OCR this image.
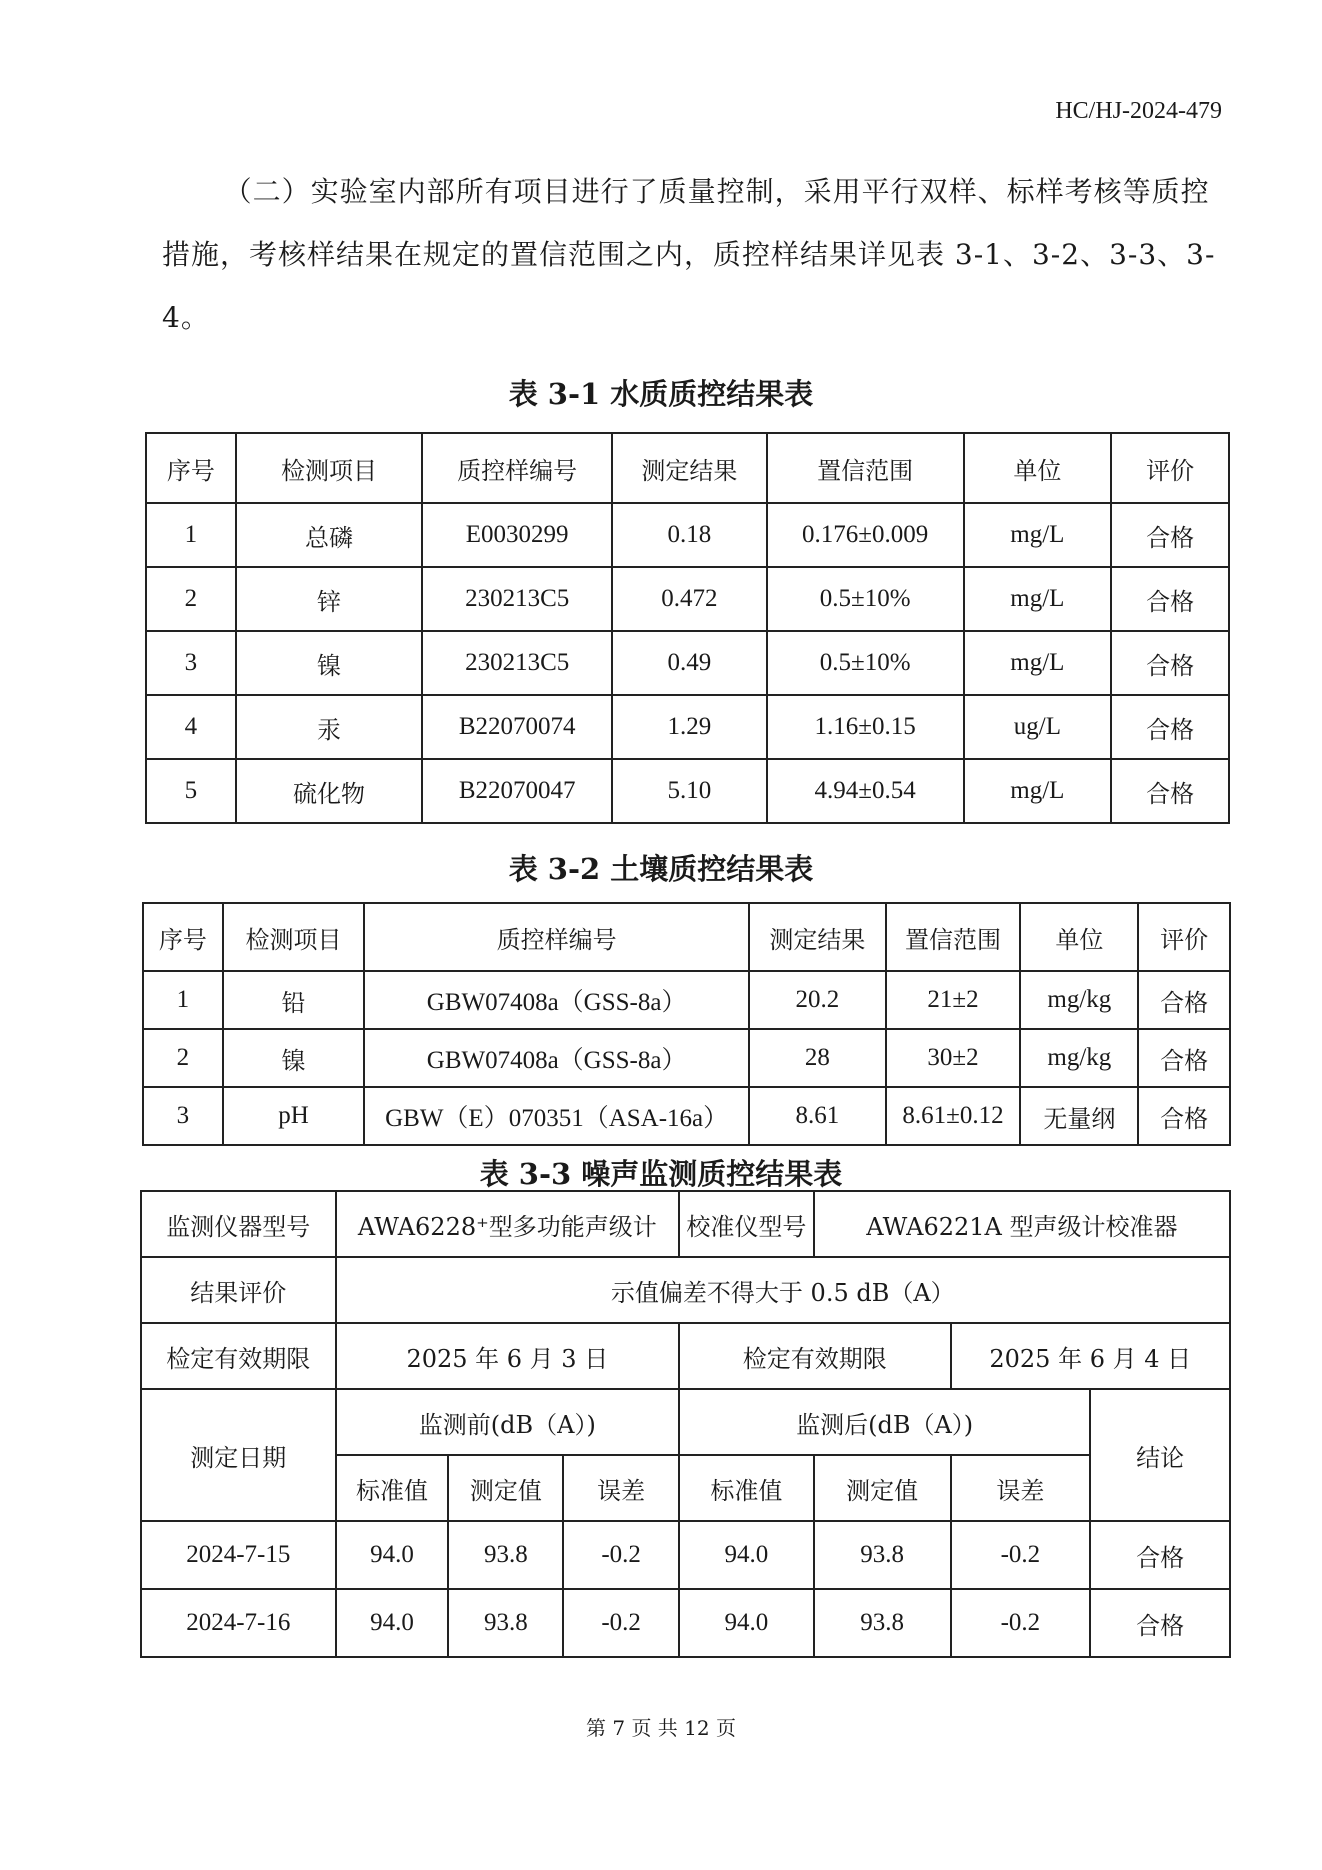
HC/HJ-2024-479

（二）实验室内部所有项目进行了质量控制，采用平行双样、标样考核等质控措施，考核样结果在规定的置信范围之内，质控样结果详见表 3-1、3-2、3-3、3-4。

表 3-1 水质质控结果表
序号	检测项目	质控样编号	测定结果	置信范围	单位	评价
1	总磷	E0030299	0.18	0.176±0.009	mg/L	合格
2	锌	230213C5	0.472	0.5±10%	mg/L	合格
3	镍	230213C5	0.49	0.5±10%	mg/L	合格
4	汞	B22070074	1.29	1.16±0.15	ug/L	合格
5	硫化物	B22070047	5.10	4.94±0.54	mg/L	合格
表 3-2 土壤质控结果表
序号	检测项目	质控样编号	测定结果	置信范围	单位	评价
1	铅	GBW07408a（GSS-8a）	20.2	21±2	mg/kg	合格
2	镍	GBW07408a（GSS-8a）	28	30±2	mg/kg	合格
3	pH	GBW（E）070351（ASA-16a）	8.61	8.61±0.12	无量纲	合格
表 3-3 噪声监测质控结果表
监测仪器型号	AWA6228⁺型多功能声级计			校准仪型号	AWA6221A 型声级计校准器		
结果评价	示值偏差不得大于 0.5 dB（A）						
检定有效期限	2025 年 6 月 3 日			检定有效期限		2025 年 6 月 4 日	
测定日期	监测前(dB（A）)			监测后(dB（A）)			结论
	标准值	测定值	误差	标准值	测定值	误差	
2024-7-15	94.0	93.8	-0.2	94.0	93.8	-0.2	合格
2024-7-16	94.0	93.8	-0.2	94.0	93.8	-0.2	合格
第 7 页 共 12 页
